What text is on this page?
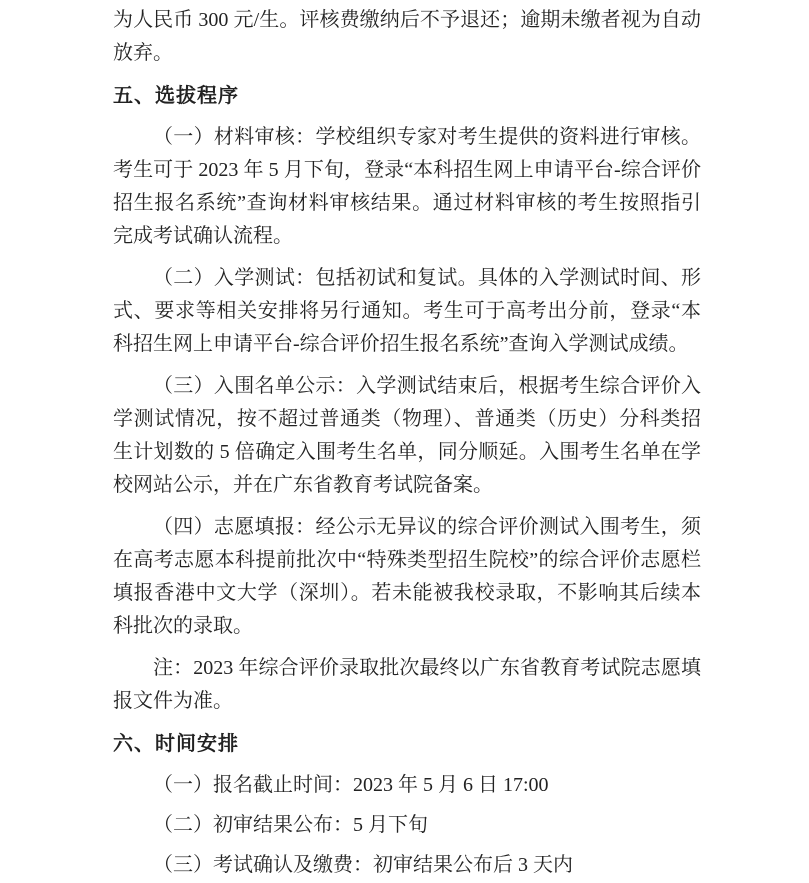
为人民币 300 元/生。评核费缴纳后不予退还；逾期未缴者视为自动放弃。

五、选拔程序

（一）材料审核：学校组织专家对考生提供的资料进行审核。考生可于 2023 年 5 月下旬，登录“本科招生网上申请平台-综合评价招生报名系统”查询材料审核结果。通过材料审核的考生按照指引完成考试确认流程。

（二）入学测试：包括初试和复试。具体的入学测试时间、形式、要求等相关安排将另行通知。考生可于高考出分前，登录“本科招生网上申请平台-综合评价招生报名系统”查询入学测试成绩。

（三）入围名单公示：入学测试结束后，根据考生综合评价入学测试情况，按不超过普通类（物理）、普通类（历史）分科类招生计划数的 5 倍确定入围考生名单，同分顺延。入围考生名单在学校网站公示，并在广东省教育考试院备案。

（四）志愿填报：经公示无异议的综合评价测试入围考生，须在高考志愿本科提前批次中“特殊类型招生院校”的综合评价志愿栏填报香港中文大学（深圳）。若未能被我校录取，不影响其后续本科批次的录取。

注：2023 年综合评价录取批次最终以广东省教育考试院志愿填报文件为准。

六、时间安排

（一）报名截止时间：2023 年 5 月 6 日 17:00

（二）初审结果公布：5 月下旬

（三）考试确认及缴费：初审结果公布后 3 天内
